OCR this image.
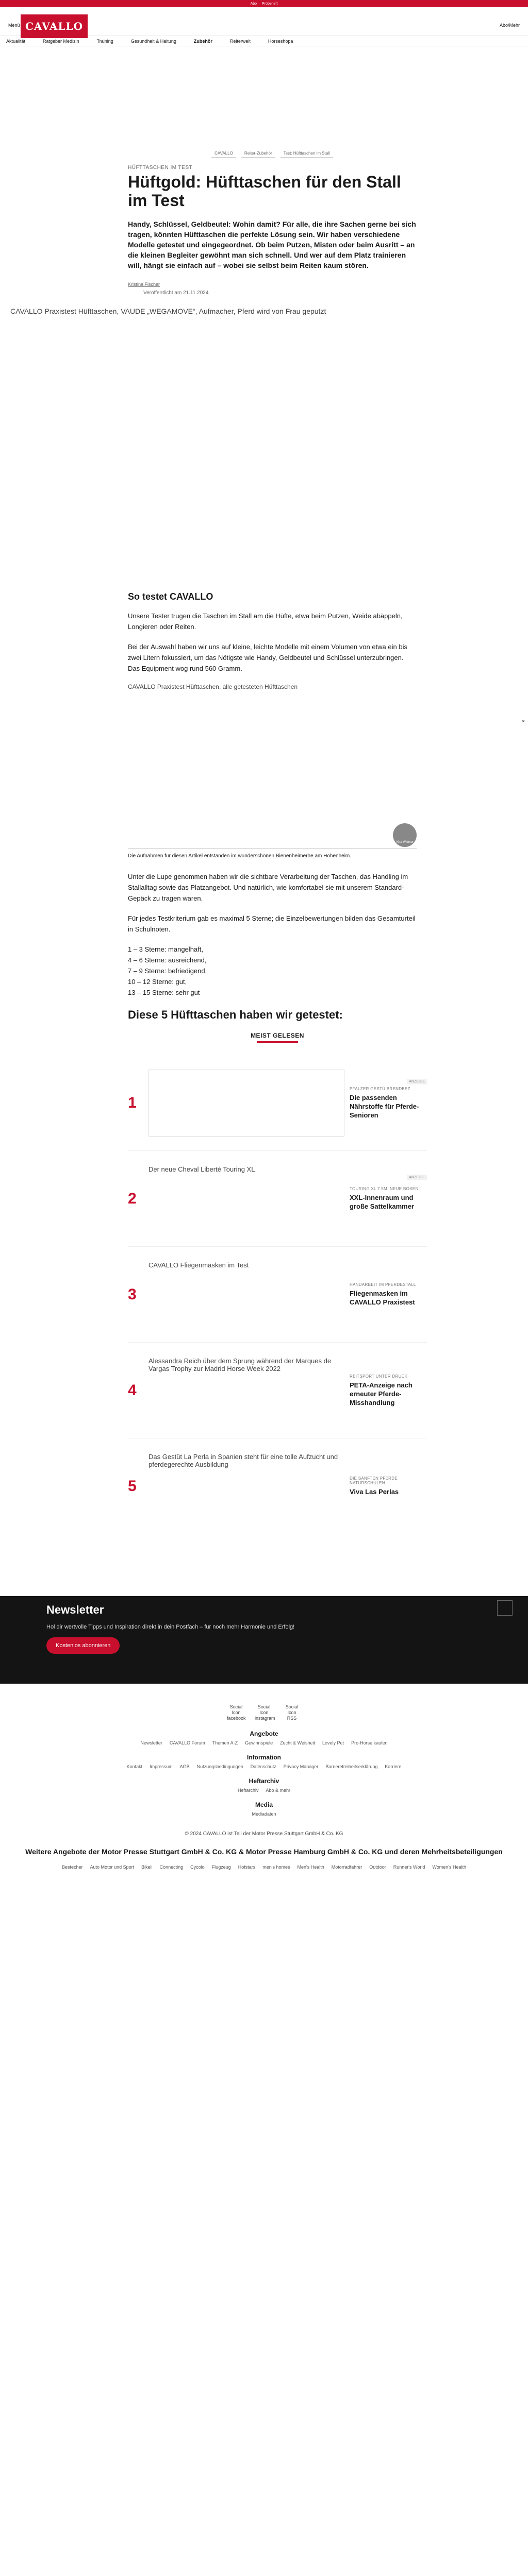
Abo Probeheft
Menü CAVALLO	Abo/Mehr
Aktualität	Ratgeber Medizin	Training	Gesundheit & Haltung	Zubehör	Reiterwelt	Horseshopa
CAVALLO	Reiter-Zubehör	Test: Hüfttaschen im Stall
HÜFTTASCHEN IM TEST
Hüftgold: Hüfttaschen für den Stall im Test

Handy, Schlüssel, Geldbeutel: Wohin damit? Für alle, die ihre Sachen gerne bei sich tragen, könnten Hüfttaschen die perfekte Lösung sein. Wir haben verschiedene Modelle getestet und eingegeordnet. Ob beim Putzen, Misten oder beim Ausritt – an die kleinen Begleiter gewöhnt man sich schnell. Und wer auf dem Platz trainieren will, hängt sie einfach auf – wobei sie selbst beim Reiten kaum stören.

Kristina Fischer
Veröffentlicht am 21.11.2024
CAVALLO Praxistest Hüfttaschen, VAUDE „WEGAMOVE“, Aufmacher, Pferd wird von Frau geputzt
So testet CAVALLO

Unsere Tester trugen die Taschen im Stall am die Hüfte, etwa beim Putzen, Weide abäppeln, Longieren oder Reiten.

Bei der Auswahl haben wir uns auf kleine, leichte Modelle mit einem Volumen von etwa ein bis zwei Litern fokussiert, um das Nötigste wie Handy, Geldbeutel und Schlüssel unterzubringen. Das Equipment wog rund 560 Gramm.

CAVALLO Praxistest Hüfttaschen, alle getesteten Hüfttaschen
Kira Widmer
Die Aufnahmen für diesen Artikel entstanden im wunderschönen Bienenheimerhe am Hohenheim.

Unter die Lupe genommen haben wir die sichtbare Verarbeitung der Taschen, das Handling im Stallalltag sowie das Platzangebot. Und natürlich, wie komfortabel sie mit unserem Standard-Gepäck zu tragen waren.

Für jedes Testkriterium gab es maximal 5 Sterne; die Einzelbewertungen bilden das Gesamturteil in Schulnoten.

1 – 3 Sterne: mangelhaft,
4 – 6 Sterne: ausreichend,
7 – 9 Sterne: befriedigend,
10 – 12 Sterne: gut,
13 – 15 Sterne: sehr gut
Diese 5 Hüfttaschen haben wir getestet:
×
MEIST GELESEN
1
PFALZER GESTÜ BRENDBEZ
Die passenden Nährstoffe für Pferde-Senioren
ANZEIGE
2
Der neue Cheval Liberté Touring XL
TOURING XL 7.5M: NEUE BOXEN
XXL-Innenraum und große Sattelkammer
ANZEIGE
3
CAVALLO Fliegenmasken im Test
HANDARBEIT IM PFERDESTALL
Fliegenmasken im CAVALLO Praxistest
4
Alessandra Reich über dem Sprung während der Marques de Vargas Trophy zur Madrid Horse Week 2022
REITSPORT UNTER DRUCK
PETA-Anzeige nach erneuter Pferde-Misshandlung
5
Das Gestüt La Perla in Spanien steht für eine tolle Aufzucht und pferdegerechte Ausbildung
DIE SANFTEN PFERDE NATURSCHULEN
Viva Las Perlas
Newsletter

Hol dir wertvolle Tipps und Inspiration direkt in dein Postfach – für noch mehr Harmonie und Erfolg!

Kostenlos abonnieren
Social Icon facebook
Social Icon instagram
Social Icon RSS
Angebote
Newsletter CAVALLO Forum Themen A-Z Gewinnspiele Zucht & Weisheit Lovely Pet Pro-Horse kaufen
Information
Kontakt Impressum AGB Nutzungsbedingungen Datenschutz Privacy Manager Barrierefreiheitserklärung Karriere
Heftarchiv
Heftarchiv Abo & mehr
Media
Mediadaten
© 2024 CAVALLO ist Teil der Motor Presse Stuttgart GmbH & Co. KG
Weitere Angebote der Motor Presse Stuttgart GmbH & Co. KG & Motor Presse Hamburg GmbH & Co. KG und deren Mehrheitsbeteiligungen
Bestecher Auto Motor und Sport Bikeli Connecting Cycolo Flugzeug Hofstars men's homes Men's Health Motorradfahrer Outdoor Runner's World Women's Health
